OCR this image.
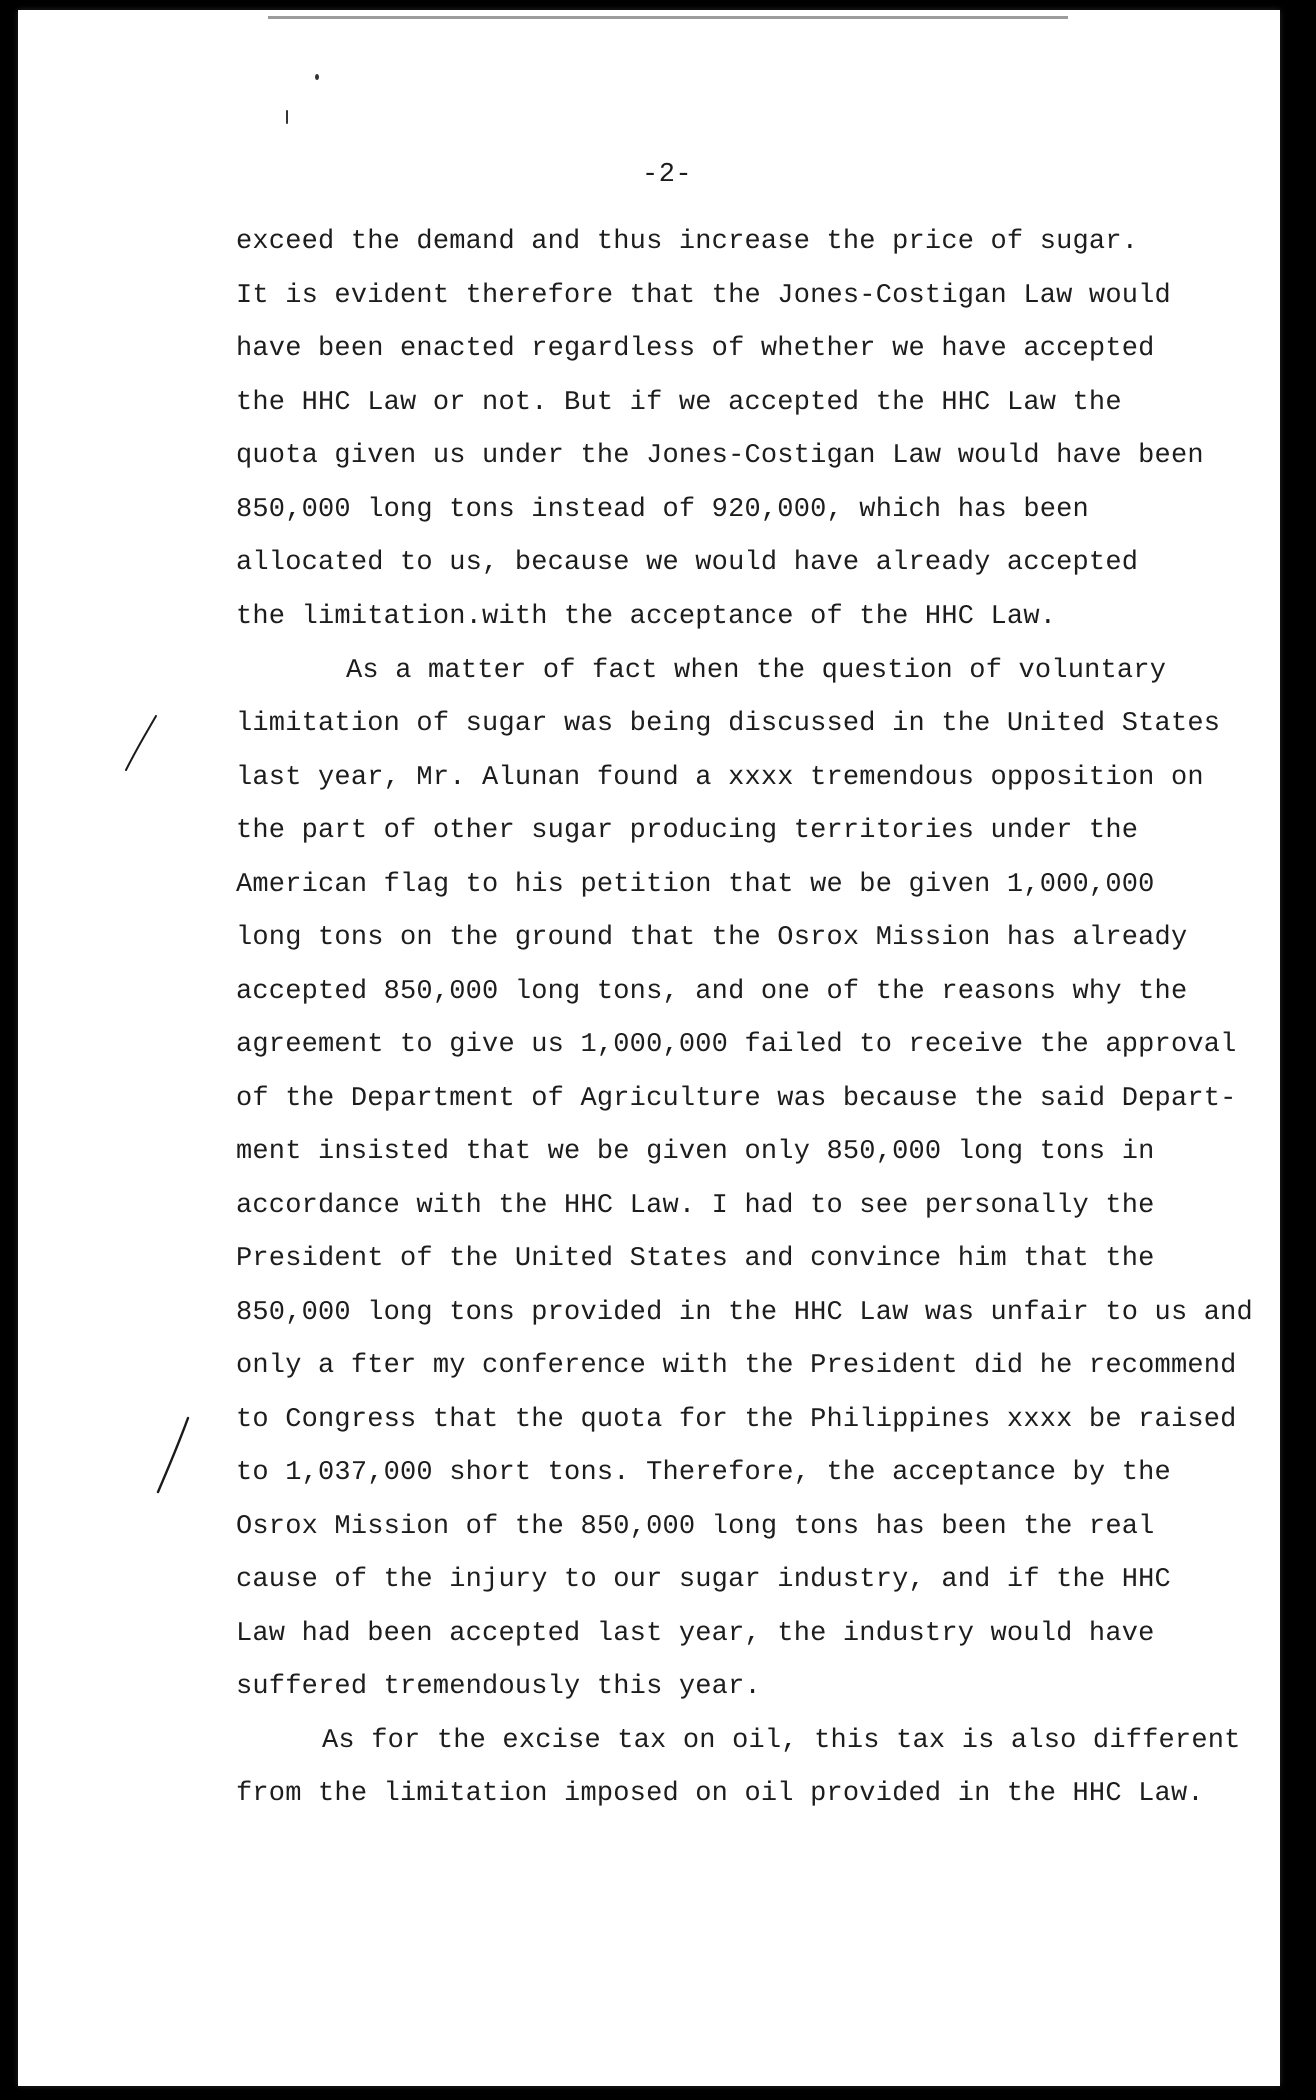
-2-
exceed the demand and thus increase the price of sugar.
It is evident therefore that the Jones-Costigan Law would
have been enacted regardless of whether we have accepted
the HHC Law or not. But if we accepted the HHC Law the
quota given us under the Jones-Costigan Law would have been
850,000 long tons instead of 920,000, which has been
allocated to us, because we would have already accepted
the limitation.with the acceptance of the HHC Law.
As a matter of fact when the question of voluntary
limitation of sugar was being discussed in the United States
last year, Mr. Alunan found a xxxx tremendous opposition on
the part of other sugar producing territories under the
American flag to his petition that we be given 1,000,000
long tons on the ground that the Osrox Mission has already
accepted 850,000 long tons, and one of the reasons why the
agreement to give us 1,000,000 failed to receive the approval
of the Department of Agriculture was because the said Depart-
ment insisted that we be given only 850,000 long tons in
accordance with the HHC Law. I had to see personally the
President of the United States and convince him that the
850,000 long tons provided in the HHC Law was unfair to us and
only a fter my conference with the President did he recommend
to Congress that the quota for the Philippines xxxx be raised
to 1,037,000 short tons. Therefore, the acceptance by the
Osrox Mission of the 850,000 long tons has been the real
cause of the injury to our sugar industry, and if the HHC
Law had been accepted last year, the industry would have
suffered tremendously this year.
As for the excise tax on oil, this tax is also different
from the limitation imposed on oil provided in the HHC Law.
